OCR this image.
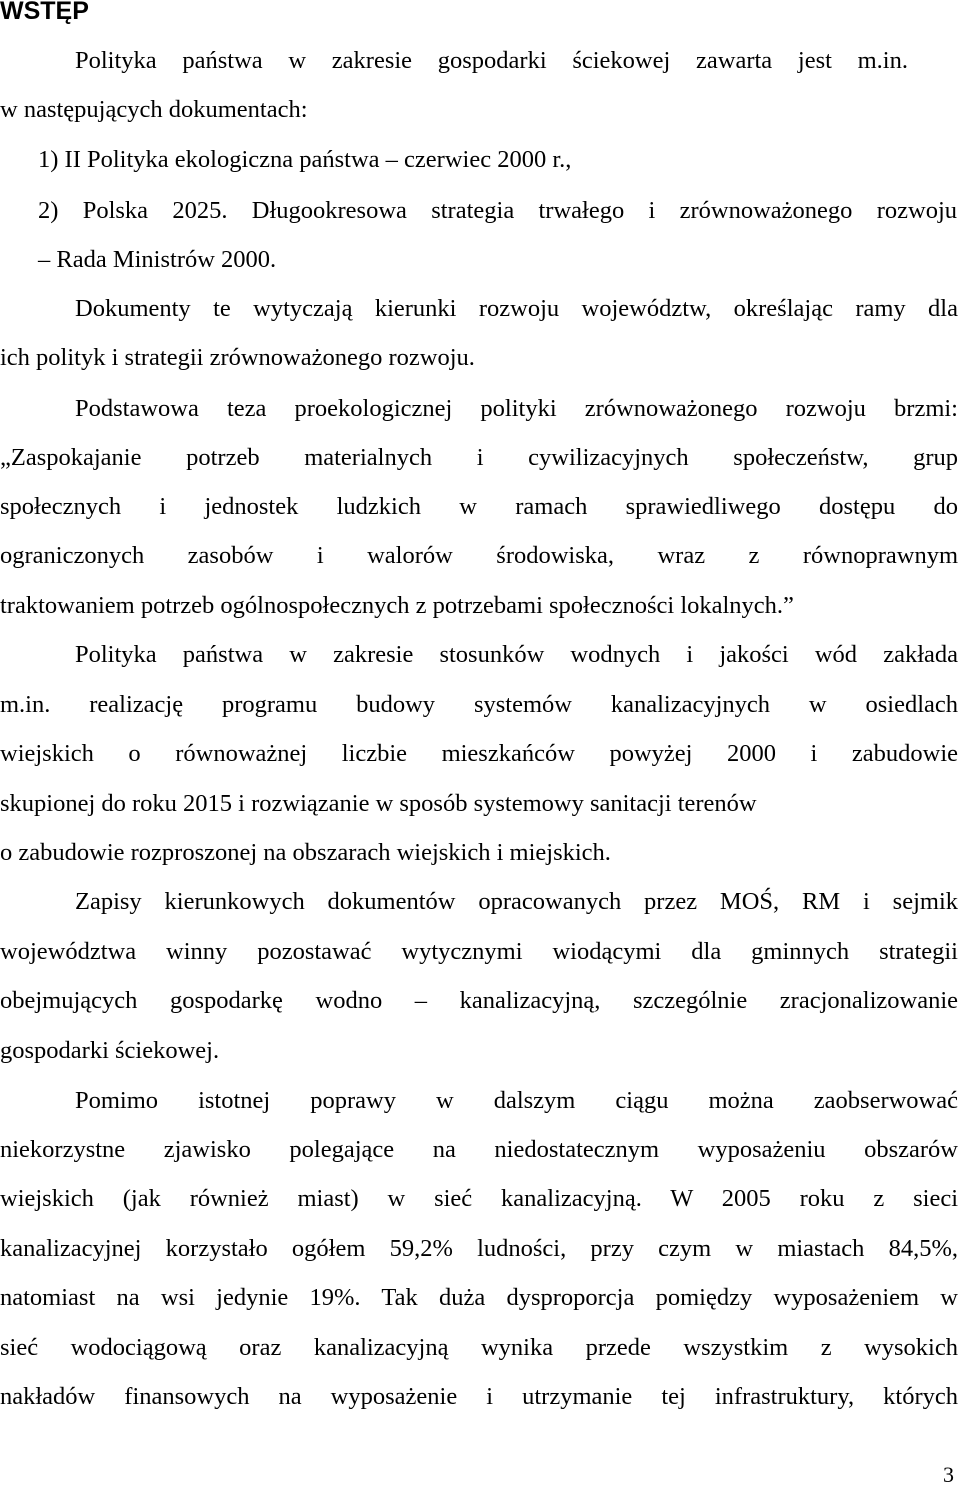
WSTĘP

Polityka państwa w zakresie gospodarki ściekowej zawarta jest m.in.

w następujących dokumentach:

1) II Polityka ekologiczna państwa – czerwiec 2000 r.,

2) Polska 2025. Długookresowa strategia trwałego i zrównoważonego rozwoju

– Rada Ministrów 2000.

Dokumenty te wytyczają kierunki rozwoju województw, określając ramy dla

ich polityk i strategii zrównoważonego rozwoju.

Podstawowa teza proekologicznej polityki zrównoważonego rozwoju brzmi:

„Zaspokajanie potrzeb materialnych i cywilizacyjnych społeczeństw, grup

społecznych i jednostek ludzkich w ramach sprawiedliwego dostępu do

ograniczonych zasobów i walorów środowiska, wraz z równoprawnym

traktowaniem potrzeb ogólnospołecznych z potrzebami społeczności lokalnych.”

Polityka państwa w zakresie stosunków wodnych i jakości wód zakłada

m.in. realizację programu budowy systemów kanalizacyjnych w osiedlach

wiejskich o równoważnej liczbie mieszkańców powyżej 2000 i zabudowie

skupionej do roku 2015 i rozwiązanie w sposób systemowy sanitacji terenów

o zabudowie rozproszonej na obszarach wiejskich i miejskich.

Zapisy kierunkowych dokumentów opracowanych przez MOŚ, RM i sejmik

województwa winny pozostawać wytycznymi wiodącymi dla gminnych strategii

obejmujących gospodarkę wodno – kanalizacyjną, szczególnie zracjonalizowanie

gospodarki ściekowej.

Pomimo istotnej poprawy w dalszym ciągu można zaobserwować

niekorzystne zjawisko polegające na niedostatecznym wyposażeniu obszarów

wiejskich (jak również miast) w sieć kanalizacyjną. W 2005 roku z sieci

kanalizacyjnej korzystało ogółem 59,2% ludności, przy czym w miastach 84,5%,

natomiast na wsi jedynie 19%. Tak duża dysproporcja pomiędzy wyposażeniem w

sieć wodociągową oraz kanalizacyjną wynika przede wszystkim z wysokich

nakładów finansowych na wyposażenie i utrzymanie tej infrastruktury, których

3
